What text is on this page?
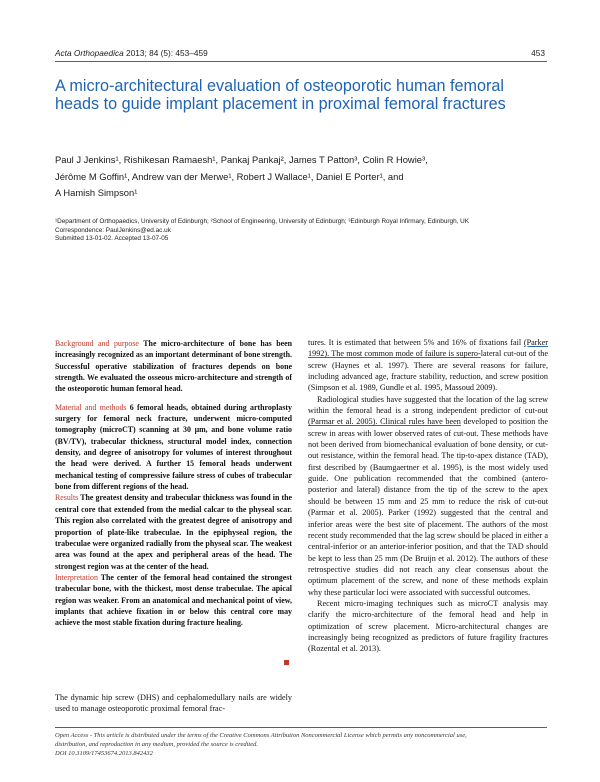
Acta Orthopaedica 2013; 84 (5): 453–459	453
A micro-architectural evaluation of osteoporotic human femoral heads to guide implant placement in proximal femoral fractures
Paul J Jenkins¹, Rishikesan Ramaesh¹, Pankaj Pankaj², James T Patton³, Colin R Howie³,
Jérôme M Goffin¹, Andrew van der Merwe¹, Robert J Wallace¹, Daniel E Porter¹, and
A Hamish Simpson¹
¹Department of Orthopaedics, University of Edinburgh; ²School of Engineering, University of Edinburgh; ³Edinburgh Royal Infirmary, Edinburgh, UK
Correspondence: PaulJenkins@ed.ac.uk
Submitted 13-01-02. Accepted 13-07-05

Background and purpose The micro-architecture of bone has been increasingly recognized as an important determinant of bone strength. Successful operative stabilization of fractures depends on bone strength. We evaluated the osseous micro-architecture and strength of the osteoporotic human femoral head.

Material and methods 6 femoral heads, obtained during arthroplasty surgery for femoral neck fracture, underwent micro-computed tomography (microCT) scanning at 30 µm, and bone volume ratio (BV/TV), trabecular thickness, structural model index, connection density, and degree of anisotropy for volumes of interest throughout the head were derived. A further 15 femoral heads underwent mechanical testing of compressive failure stress of cubes of trabecular bone from different regions of the head.

Results The greatest density and trabecular thickness was found in the central core that extended from the medial calcar to the physeal scar. This region also correlated with the greatest degree of anisotropy and proportion of plate-like trabeculae. In the epiphyseal region, the trabeculae were organized radially from the physeal scar. The weakest area was found at the apex and peripheral areas of the head. The strongest region was at the center of the head.

Interpretation The center of the femoral head contained the strongest trabecular bone, with the thickest, most dense trabeculae. The apical region was weaker. From an anatomical and mechanical point of view, implants that achieve fixation in or below this central core may achieve the most stable fixation during fracture healing.

The dynamic hip screw (DHS) and cephalomedullary nails are widely used to manage osteoporotic proximal femoral frac-

tures. It is estimated that between 5% and 16% of fixations fail (Parker 1992). The most common mode of failure is supero-lateral cut-out of the screw (Haynes et al. 1997). There are several reasons for failure, including advanced age, fracture stability, reduction, and screw position (Simpson et al. 1989, Gundle et al. 1995, Massoud 2009).

Radiological studies have suggested that the location of the lag screw within the femoral head is a strong independent predictor of cut-out (Parmar et al. 2005). Clinical rules have been developed to position the screw in areas with lower observed rates of cut-out. These methods have not been derived from biomechanical evaluation of bone density, or cut-out resistance, within the femoral head. The tip-to-apex distance (TAD), first described by (Baumgaertner et al. 1995), is the most widely used guide. One publication recommended that the combined (antero-posterior and lateral) distance from the tip of the screw to the apex should be between 15 mm and 25 mm to reduce the risk of cut-out (Parmar et al. 2005). Parker (1992) suggested that the central and inferior areas were the best site of placement. The authors of the most recent study recommended that the lag screw should be placed in either a central-inferior or an anterior-inferior position, and that the TAD should be kept to less than 25 mm (De Bruijn et al. 2012). The authors of these retrospective studies did not reach any clear consensus about the optimum placement of the screw, and none of these methods explain why these particular loci were associated with successful outcomes.

Recent micro-imaging techniques such as microCT analysis may clarify the micro-architecture of the femoral head and help in optimization of screw placement. Micro-architectural changes are increasingly being recognized as predictors of future fragility fractures (Rozental et al. 2013).

Open Access - This article is distributed under the terms of the Creative Commons Attribution Noncommercial License which permits any noncommercial use,
distribution, and reproduction in any medium, provided the source is credited.
DOI 10.3109/17453674.2013.842432
